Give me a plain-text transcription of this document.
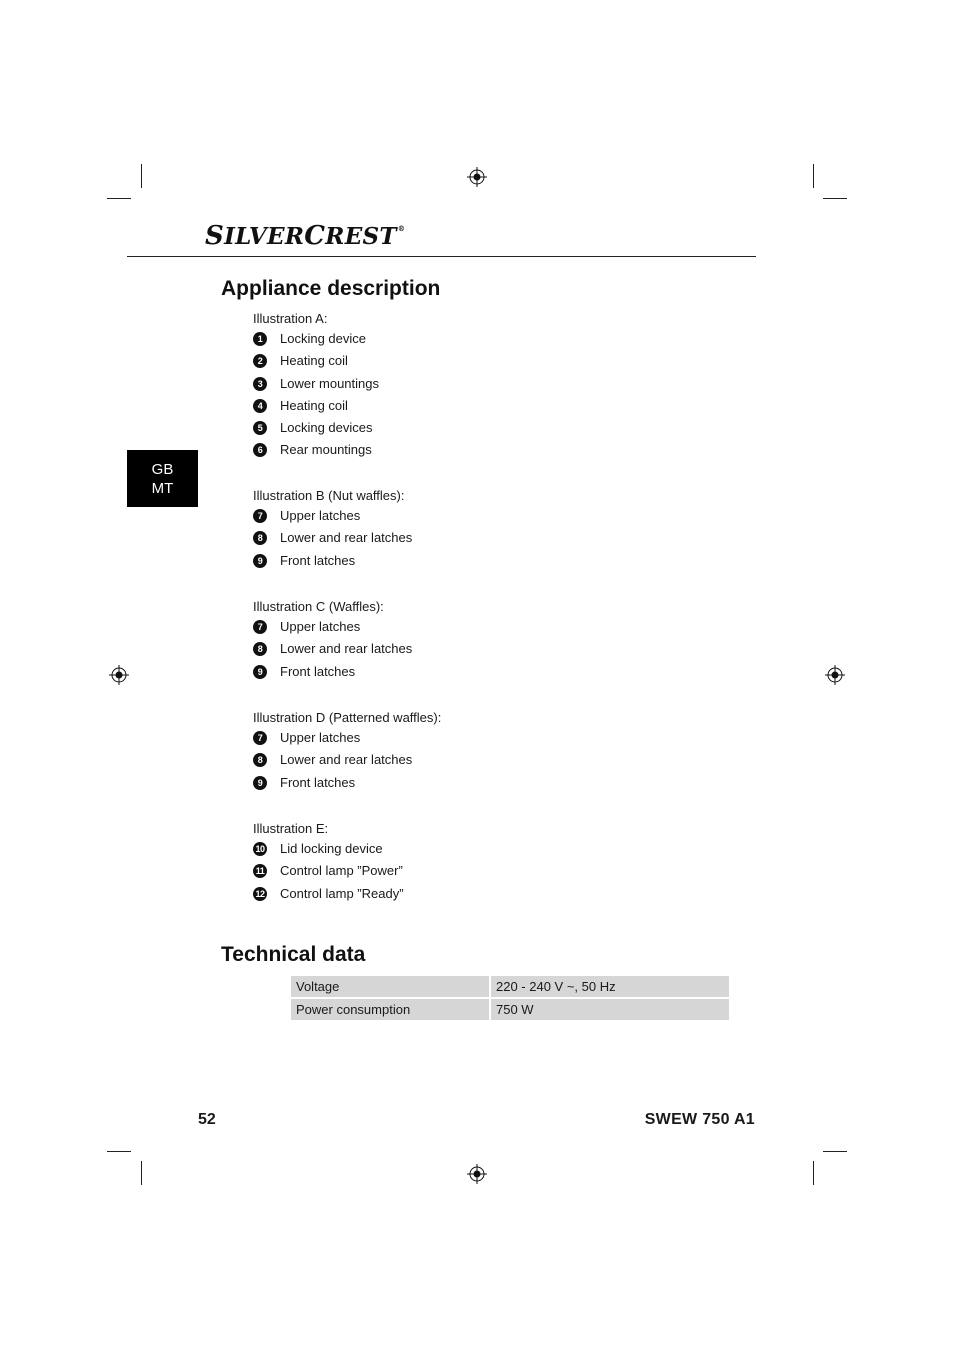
SILVERCREST®
GB
MT
Appliance description
Illustration A:
1	Locking device
2	Heating coil
3	Lower mountings
4	Heating coil
5	Locking devices
6	Rear mountings
Illustration B (Nut waffles):
7	Upper latches
8	Lower and rear latches
9	Front latches
Illustration C (Waffles):
7	Upper latches
8	Lower and rear latches
9	Front latches
Illustration D (Patterned waffles):
7	Upper latches
8	Lower and rear latches
9	Front latches
Illustration E:
10 Lid locking device
11 Control lamp ”Power”
12 Control lamp ”Ready”
Technical data
Voltage	220 - 240 V ~, 50 Hz
Power consumption	750 W
52	SWEW 750 A1
